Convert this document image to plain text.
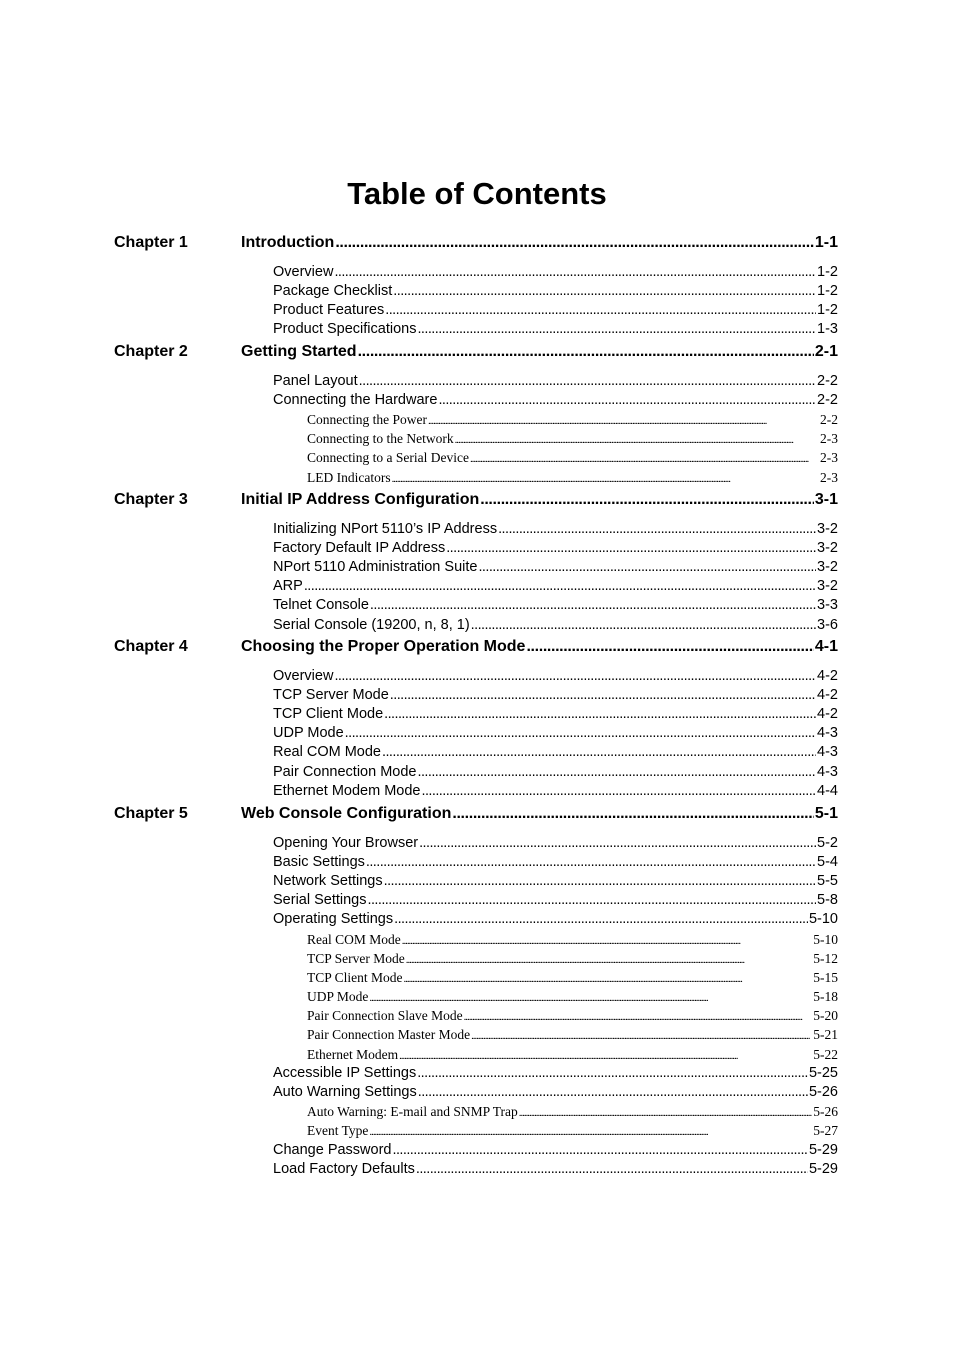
Table of Contents
Chapter 1	Introduction . . .	1-1
Overview . . .	1-2
Package Checklist . . .	1-2
Product Features . . .	1-2
Product Specifications . . .	1-3
Chapter 2	Getting Started . . .	2-1
Panel Layout . . .	2-2
Connecting the Hardware . . .	2-2
Connecting the Power . . .	2-2
Connecting to the Network . . .	2-3
Connecting to a Serial Device . . .	2-3
LED Indicators . . .	2-3
Chapter 3	Initial IP Address Configuration . . .	3-1
Initializing NPort 5110’s IP Address . . .	3-2
Factory Default IP Address . . .	3-2
NPort 5110 Administration Suite . . .	3-2
ARP . . .	3-2
Telnet Console . . .	3-3
Serial Console (19200, n, 8, 1) . . .	3-6
Chapter 4	Choosing the Proper Operation Mode . . .	4-1
Overview . . .	4-2
TCP Server Mode . . .	4-2
TCP Client Mode . . .	4-2
UDP Mode . . .	4-3
Real COM Mode . . .	4-3
Pair Connection Mode . . .	4-3
Ethernet Modem Mode . . .	4-4
Chapter 5	Web Console Configuration . . .	5-1
Opening Your Browser . . .	5-2
Basic Settings . . .	5-4
Network Settings . . .	5-5
Serial Settings . . .	5-8
Operating Settings . . .	5-10
Real COM Mode . . .	5-10
TCP Server Mode . . .	5-12
TCP Client Mode . . .	5-15
UDP Mode . . .	5-18
Pair Connection Slave Mode . . .	5-20
Pair Connection Master Mode . . .	5-21
Ethernet Modem . . .	5-22
Accessible IP Settings . . .	5-25
Auto Warning Settings . . .	5-26
Auto Warning: E-mail and SNMP Trap . . .	5-26
Event Type . . .	5-27
Change Password . . .	5-29
Load Factory Defaults . . .	5-29
